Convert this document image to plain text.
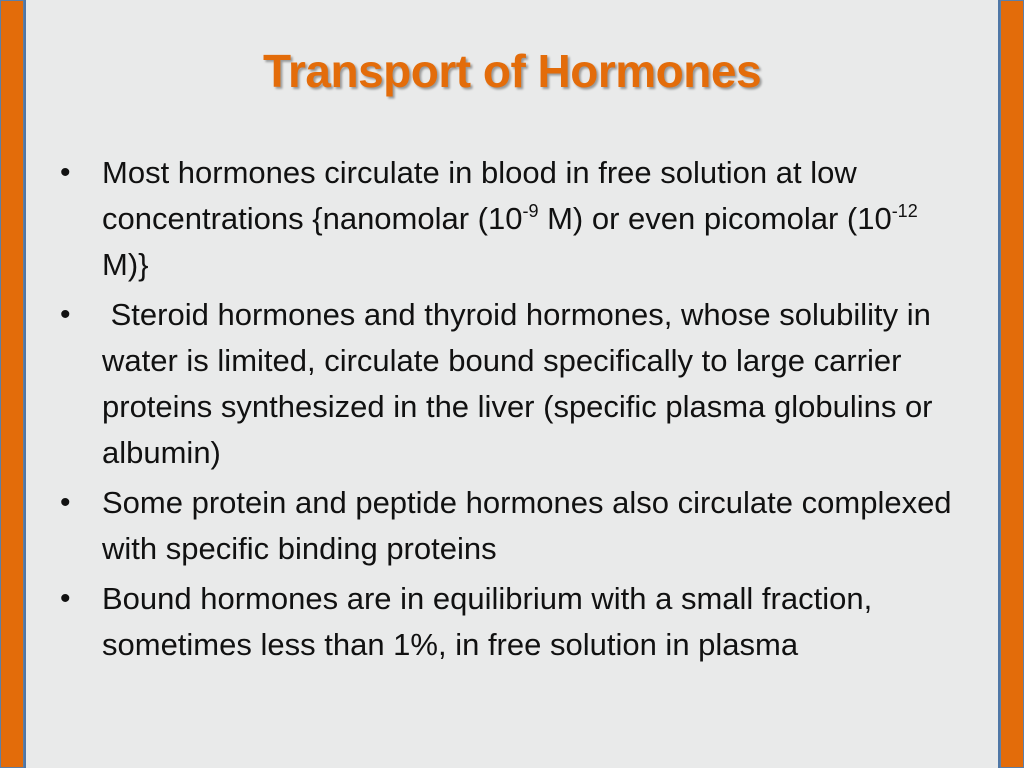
Transport of Hormones
• Most hormones circulate in blood in free solution at low concentrations {nanomolar ($10^{-9}$ M) or even picomolar ($10^{-12}$ M)}
• Steroid hormones and thyroid hormones, whose solubility in water is limited, circulate bound specifically to large carrier proteins synthesized in the liver (specific plasma globulins or albumin)
• Some protein and peptide hormones also circulate complexed with specific binding proteins
• Bound hormones are in equilibrium with a small fraction, sometimes less than 1%, in free solution in plasma
